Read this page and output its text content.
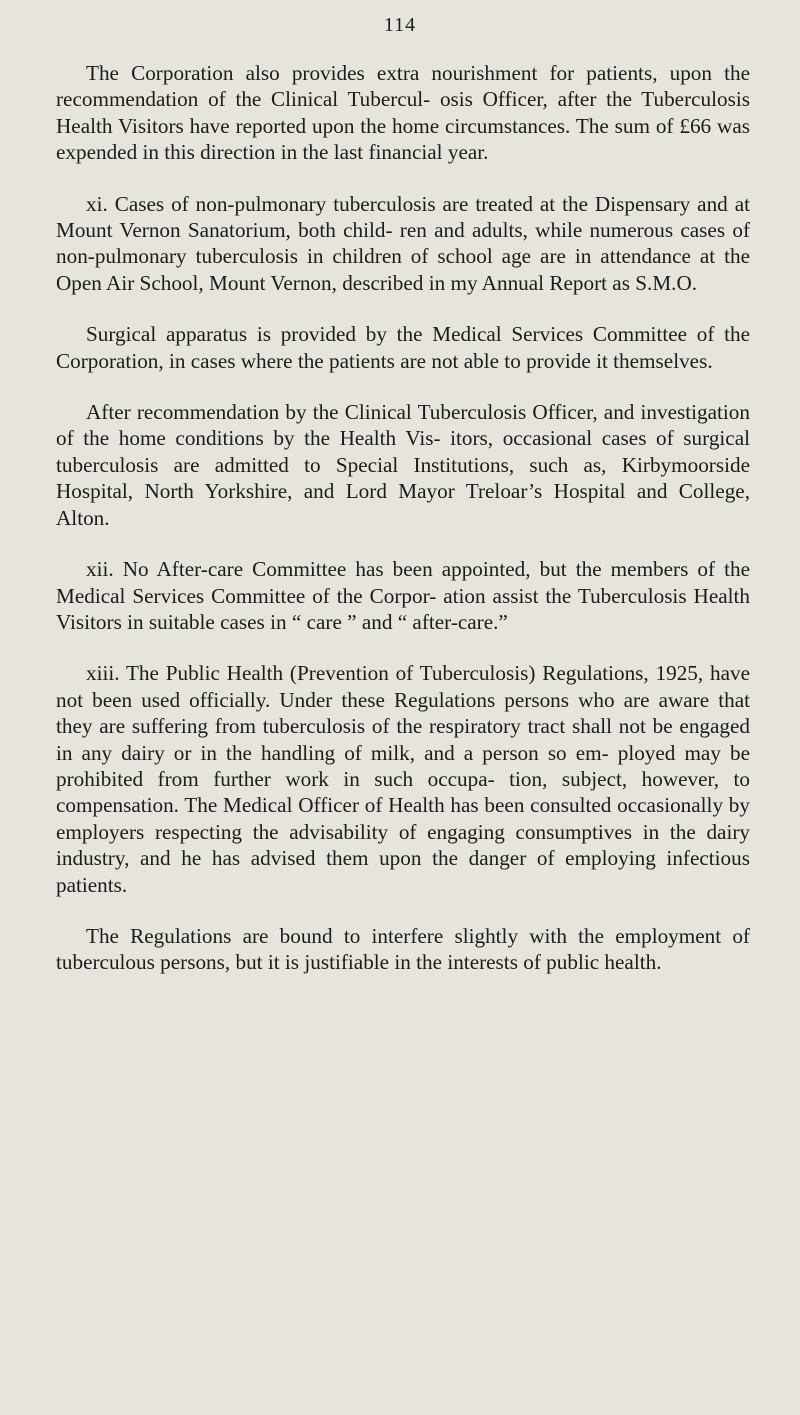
114

The Corporation also provides extra nourishment for patients, upon the recommendation of the Clinical Tubercul- osis Officer, after the Tuberculosis Health Visitors have reported upon the home circumstances. The sum of £66 was expended in this direction in the last financial year.

xi. Cases of non-pulmonary tuberculosis are treated at the Dispensary and at Mount Vernon Sanatorium, both child- ren and adults, while numerous cases of non-pulmonary tuberculosis in children of school age are in attendance at the Open Air School, Mount Vernon, described in my Annual Report as S.M.O.

Surgical apparatus is provided by the Medical Services Committee of the Corporation, in cases where the patients are not able to provide it themselves.

After recommendation by the Clinical Tuberculosis Officer, and investigation of the home conditions by the Health Vis- itors, occasional cases of surgical tuberculosis are admitted to Special Institutions, such as, Kirbymoorside Hospital, North Yorkshire, and Lord Mayor Treloar’s Hospital and College, Alton.

xii. No After-care Committee has been appointed, but the members of the Medical Services Committee of the Corpor- ation assist the Tuberculosis Health Visitors in suitable cases in “ care ” and “ after-care.”

xiii. The Public Health (Prevention of Tuberculosis) Regulations, 1925, have not been used officially. Under these Regulations persons who are aware that they are suffering from tuberculosis of the respiratory tract shall not be engaged in any dairy or in the handling of milk, and a person so em- ployed may be prohibited from further work in such occupa- tion, subject, however, to compensation. The Medical Officer of Health has been consulted occasionally by employers respecting the advisability of engaging consumptives in the dairy industry, and he has advised them upon the danger of employing infectious patients.

The Regulations are bound to interfere slightly with the employment of tuberculous persons, but it is justifiable in the interests of public health.
